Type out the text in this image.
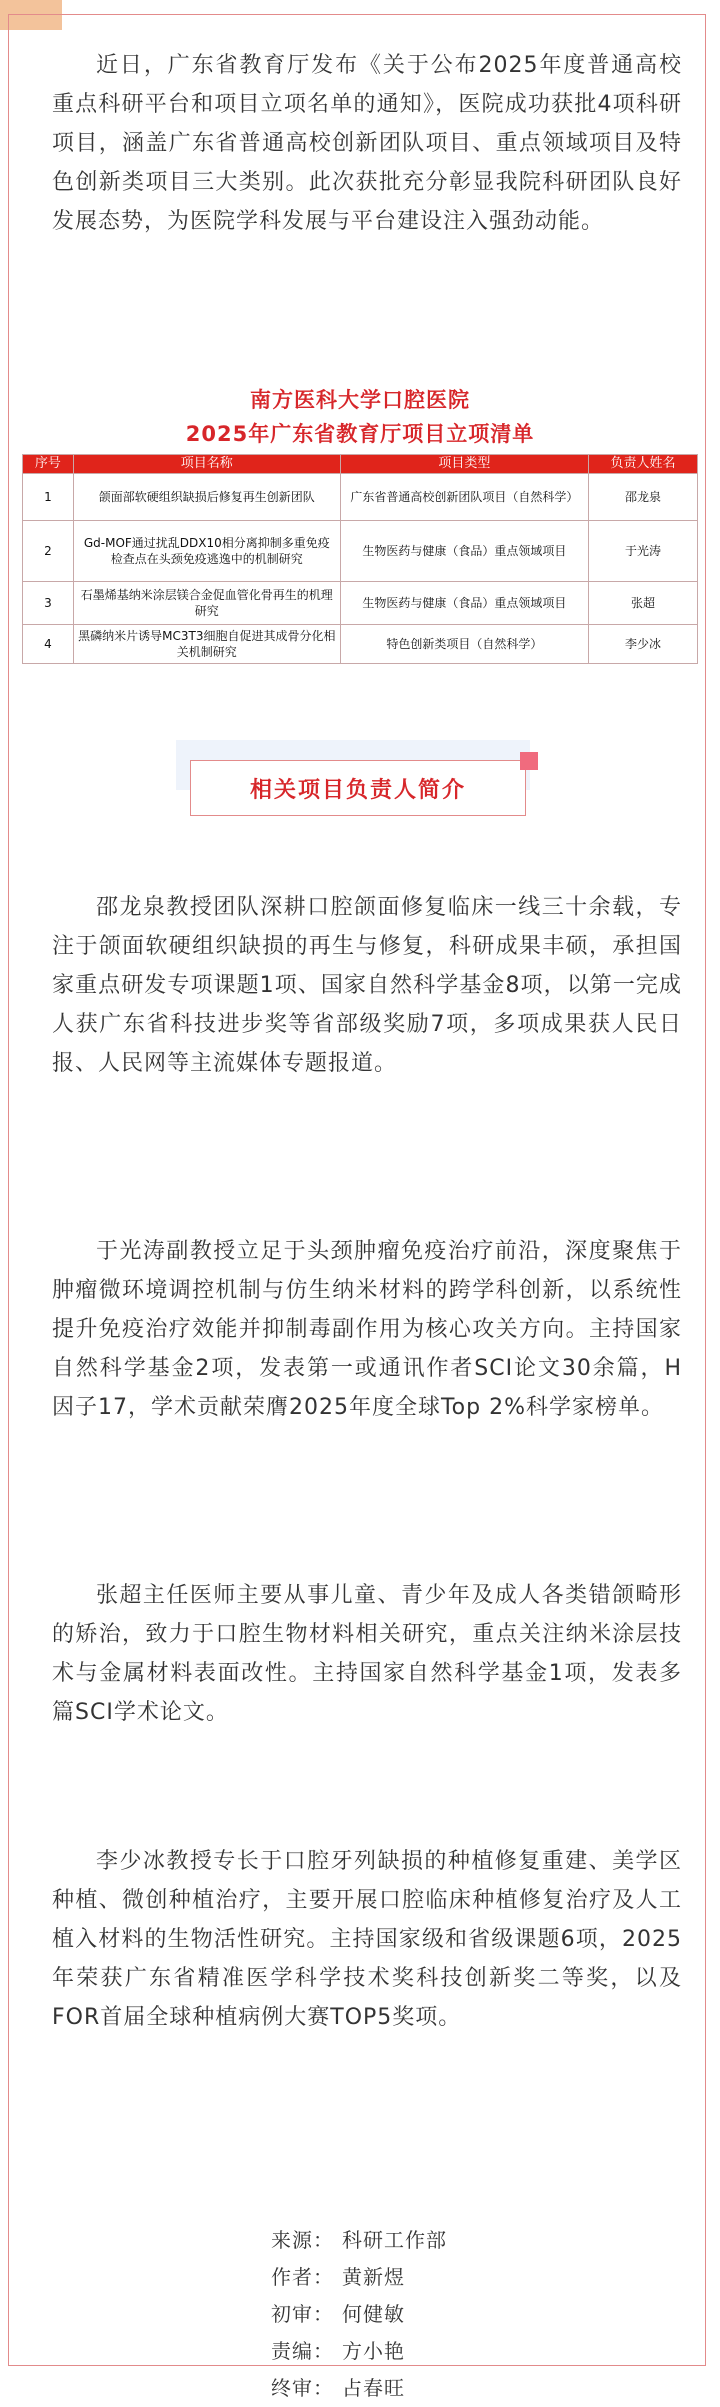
近日，广东省教育厅发布《关于公布2025年度普通高校重点科研平台和项目立项名单的通知》，医院成功获批4项科研项目，涵盖广东省普通高校创新团队项目、重点领域项目及特色创新类项目三大类别。此次获批充分彰显我院科研团队良好发展态势，为医院学科发展与平台建设注入强劲动能。

南方医科大学口腔医院
2025年广东省教育厅项目立项清单
序号	项目名称	项目类型	负责人姓名
1	颌面部软硬组织缺损后修复再生创新团队	广东省普通高校创新团队项目（自然科学）	邵龙泉
2	Gd-MOF通过扰乱DDX10相分离抑制多重免疫检查点在头颈免疫逃逸中的机制研究	生物医药与健康（食品）重点领域项目	于光涛
3	石墨烯基纳米涂层镁合金促血管化骨再生的机理研究	生物医药与健康（食品）重点领域项目	张超
4	黑磷纳米片诱导MC3T3细胞自促进其成骨分化相关机制研究	特色创新类项目（自然科学）	李少冰
相关项目负责人简介

邵龙泉教授团队深耕口腔颌面修复临床一线三十余载，专注于颌面软硬组织缺损的再生与修复，科研成果丰硕，承担国家重点研发专项课题1项、国家自然科学基金8项，以第一完成人获广东省科技进步奖等省部级奖励7项，多项成果获人民日报、人民网等主流媒体专题报道。

于光涛副教授立足于头颈肿瘤免疫治疗前沿，深度聚焦于肿瘤微环境调控机制与仿生纳米材料的跨学科创新，以系统性提升免疫治疗效能并抑制毒副作用为核心攻关方向。主持国家自然科学基金2项，发表第一或通讯作者SCI论文30余篇，H因子17，学术贡献荣膺2025年度全球Top 2%科学家榜单。

张超主任医师主要从事儿童、青少年及成人各类错颌畸形的矫治，致力于口腔生物材料相关研究，重点关注纳米涂层技术与金属材料表面改性。主持国家自然科学基金1项，发表多篇SCI学术论文。

李少冰教授专长于口腔牙列缺损的种植修复重建、美学区种植、微创种植治疗，主要开展口腔临床种植修复治疗及人工植入材料的生物活性研究。主持国家级和省级课题6项，2025年荣获广东省精准医学科学技术奖科技创新奖二等奖，以及FOR首届全球种植病例大赛TOP5奖项。

来源： 科研工作部
作者： 黄新煜
初审： 何健敏
责编： 方小艳
终审： 占春旺
